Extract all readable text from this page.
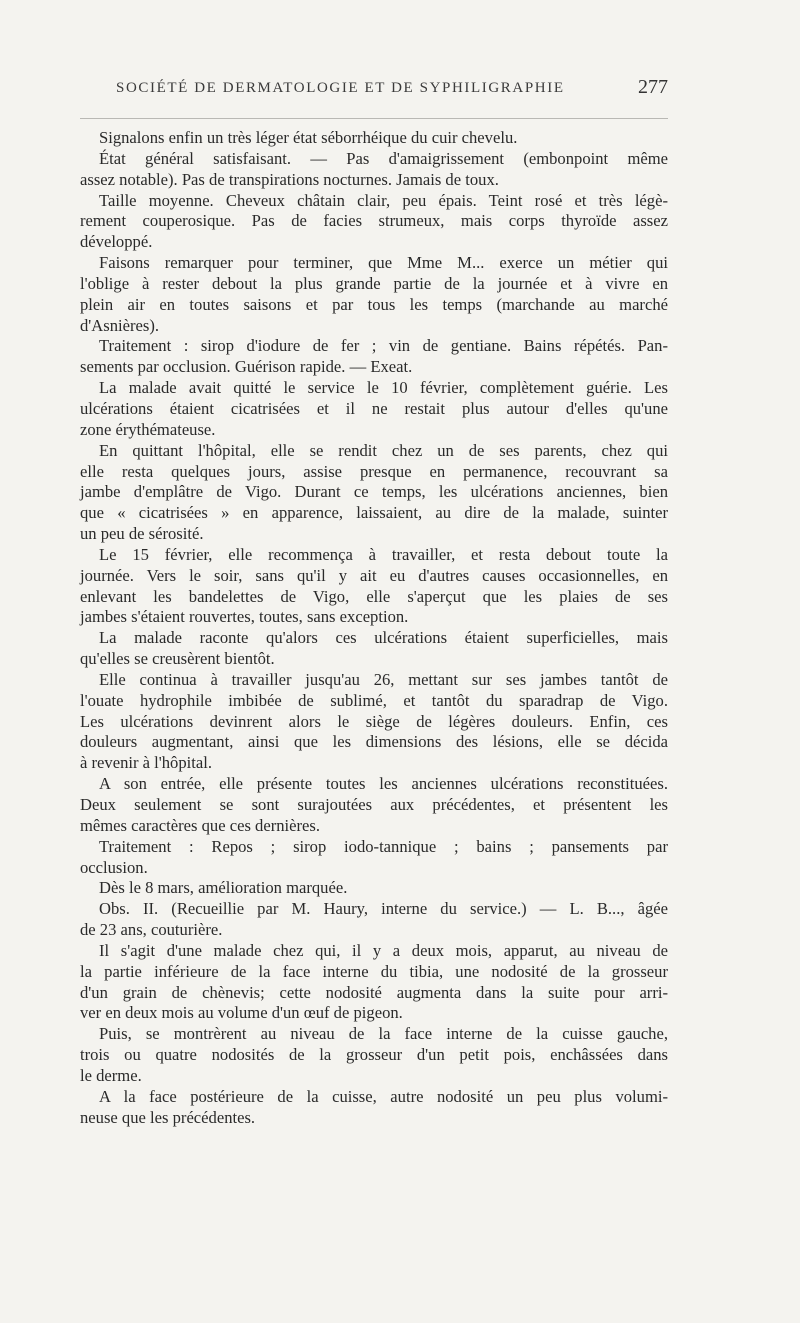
SOCIÉTÉ DE DERMATOLOGIE ET DE SYPHILIGRAPHIE	277
Signalons enfin un très léger état séborrhéique du cuir chevelu.
État général satisfaisant. — Pas d'amaigrissement (embonpoint même
assez notable). Pas de transpirations nocturnes. Jamais de toux.
Taille moyenne. Cheveux châtain clair, peu épais. Teint rosé et très légè-
rement couperosique. Pas de facies strumeux, mais corps thyroïde assez
développé.
Faisons remarquer pour terminer, que Mme M... exerce un métier qui
l'oblige à rester debout la plus grande partie de la journée et à vivre en
plein air en toutes saisons et par tous les temps (marchande au marché
d'Asnières).
Traitement : sirop d'iodure de fer ; vin de gentiane. Bains répétés. Pan-
sements par occlusion. Guérison rapide. — Exeat.
La malade avait quitté le service le 10 février, complètement guérie. Les
ulcérations étaient cicatrisées et il ne restait plus autour d'elles qu'une
zone érythémateuse.
En quittant l'hôpital, elle se rendit chez un de ses parents, chez qui
elle resta quelques jours, assise presque en permanence, recouvrant sa
jambe d'emplâtre de Vigo. Durant ce temps, les ulcérations anciennes, bien
que « cicatrisées » en apparence, laissaient, au dire de la malade, suinter
un peu de sérosité.
Le 15 février, elle recommença à travailler, et resta debout toute la
journée. Vers le soir, sans qu'il y ait eu d'autres causes occasionnelles, en
enlevant les bandelettes de Vigo, elle s'aperçut que les plaies de ses
jambes s'étaient rouvertes, toutes, sans exception.
La malade raconte qu'alors ces ulcérations étaient superficielles, mais
qu'elles se creusèrent bientôt.
Elle continua à travailler jusqu'au 26, mettant sur ses jambes tantôt de
l'ouate hydrophile imbibée de sublimé, et tantôt du sparadrap de Vigo.
Les ulcérations devinrent alors le siège de légères douleurs. Enfin, ces
douleurs augmentant, ainsi que les dimensions des lésions, elle se décida
à revenir à l'hôpital.
A son entrée, elle présente toutes les anciennes ulcérations reconstituées.
Deux seulement se sont surajoutées aux précédentes, et présentent les
mêmes caractères que ces dernières.
Traitement : Repos ; sirop iodo-tannique ; bains ; pansements par
occlusion.
Dès le 8 mars, amélioration marquée.
Obs. II. (Recueillie par M. Haury, interne du service.) — L. B..., âgée
de 23 ans, couturière.
Il s'agit d'une malade chez qui, il y a deux mois, apparut, au niveau de
la partie inférieure de la face interne du tibia, une nodosité de la grosseur
d'un grain de chènevis; cette nodosité augmenta dans la suite pour arri-
ver en deux mois au volume d'un œuf de pigeon.
Puis, se montrèrent au niveau de la face interne de la cuisse gauche,
trois ou quatre nodosités de la grosseur d'un petit pois, enchâssées dans
le derme.
A la face postérieure de la cuisse, autre nodosité un peu plus volumi-
neuse que les précédentes.
